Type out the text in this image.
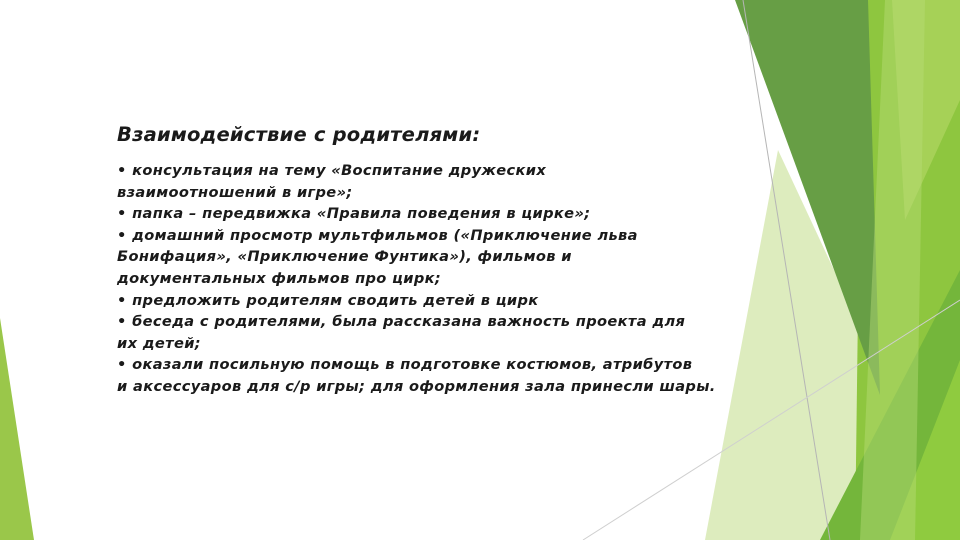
Взаимодействие с родителями:

• консультация на тему «Воспитание дружеских
взаимоотношений в игре»;
• папка – передвижка «Правила поведения в цирке»;
• домашний просмотр мультфильмов («Приключение льва
Бонифация», «Приключение Фунтика»), фильмов и
документальных фильмов про цирк;
• предложить родителям сводить детей в цирк
• беседа с родителями, была рассказана важность проекта для
их детей;
• оказали посильную помощь в подготовке костюмов, атрибутов
и аксессуаров для с/р игры; для оформления зала принесли шары.
